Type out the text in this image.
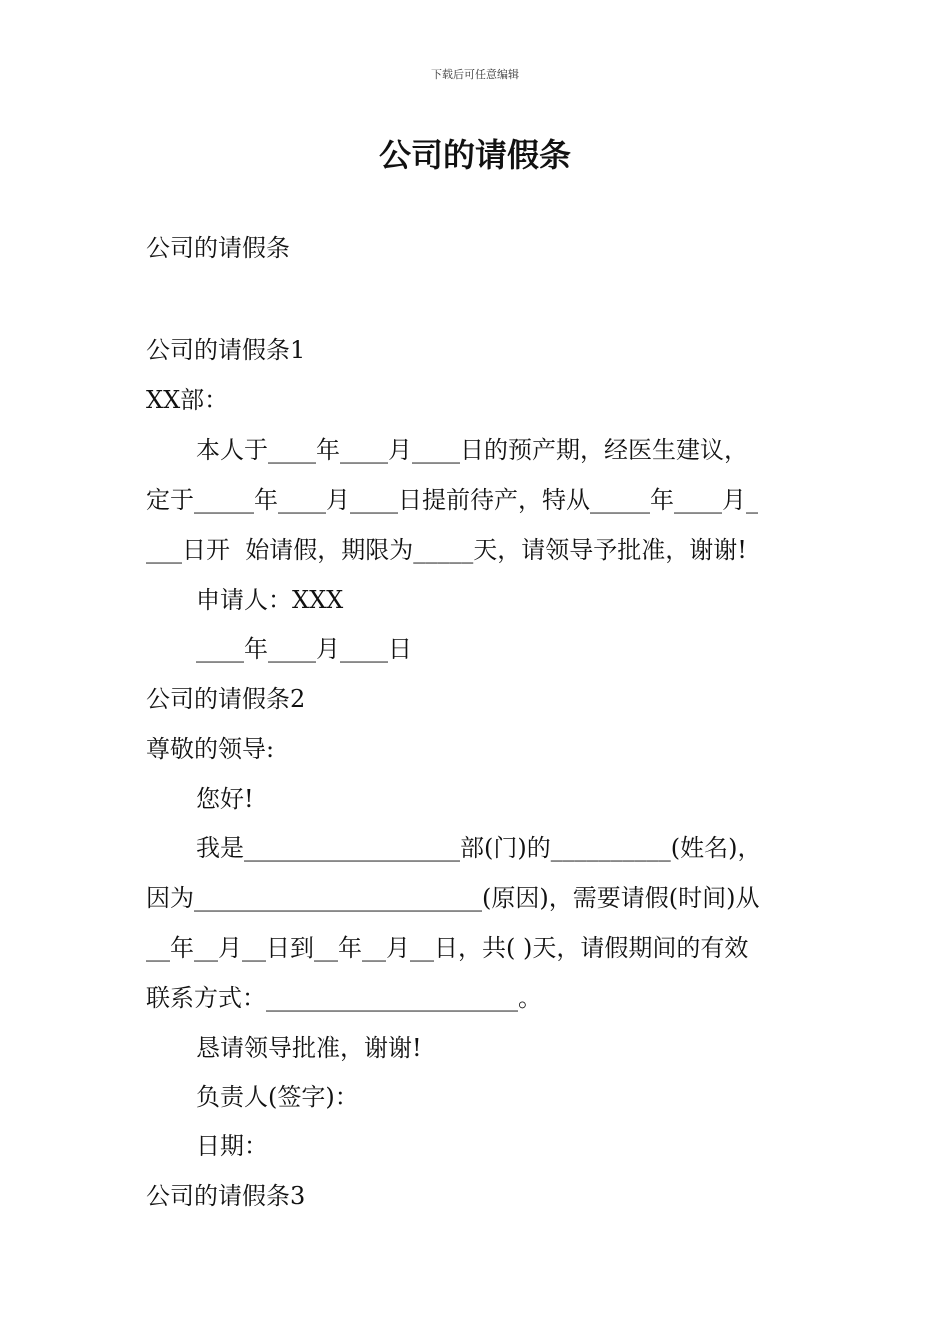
下载后可任意编辑
公司的请假条

公司的请假条

公司的请假条1

XX部：

本人于____年____月____日的预产期，经医生建议，

定于_____年____月____日提前待产，特从_____年____月_

___日开  始请假，期限为_____天，请领导予批准，谢谢!

申请人：XXX

____年____月____日

公司的请假条2

尊敬的领导:

您好!

我是__________________部(门)的__________(姓名)，

因为________________________(原因)，需要请假(时间)从

__年__月__日到__年__月__日，共( )天，请假期间的有效

联系方式：_____________________。

恳请领导批准，谢谢!

负责人(签字)：

日期：

公司的请假条3
